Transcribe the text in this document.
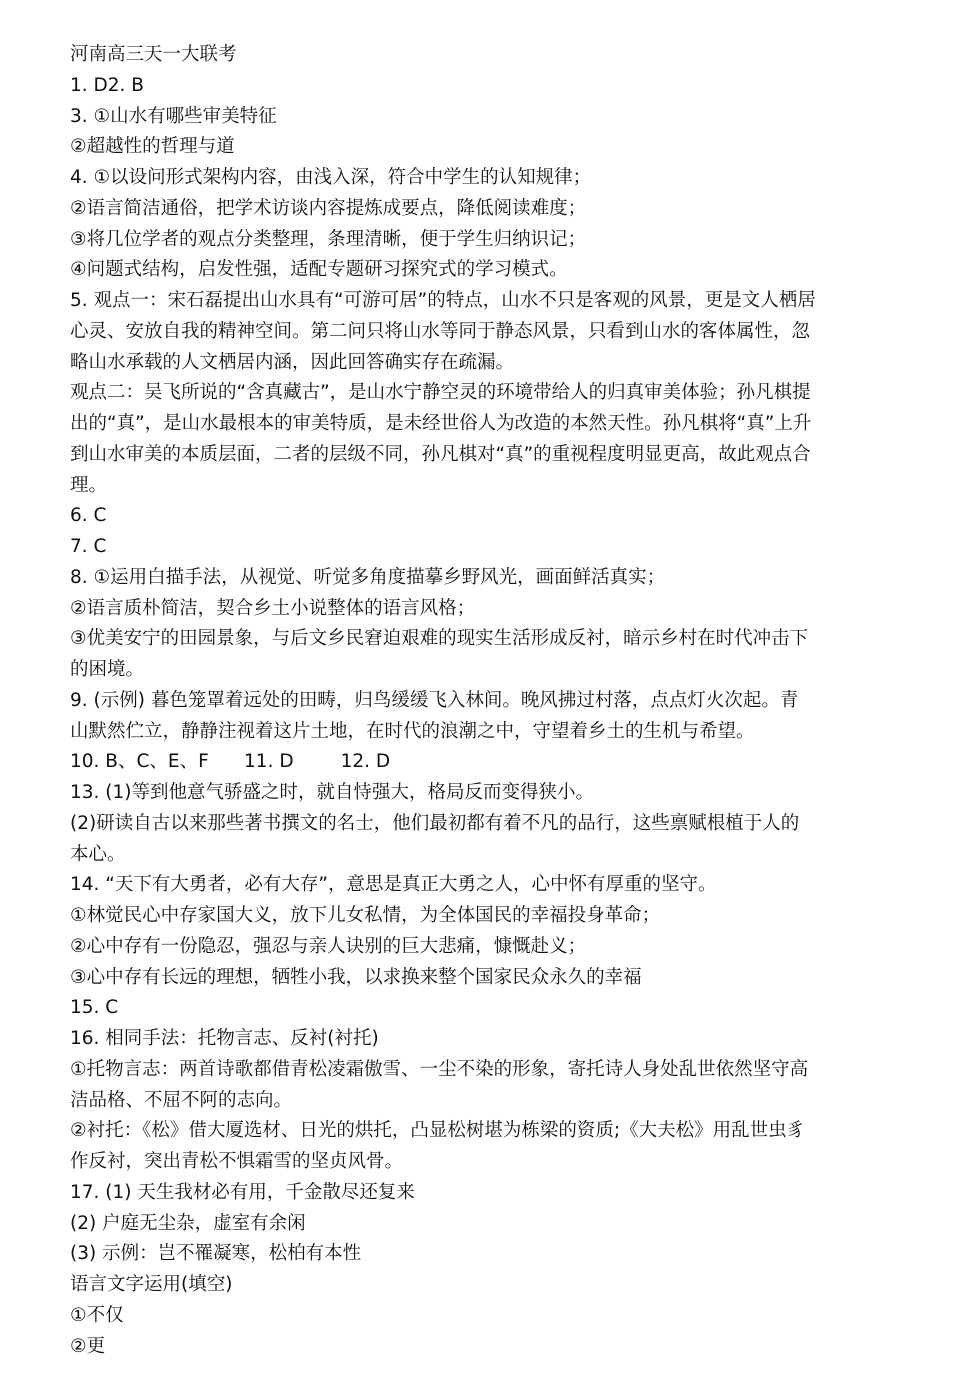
河南高三天一大联考
1. D2. B
3. ①山水有哪些审美特征
②超越性的哲理与道
4. ①以设问形式架构内容，由浅入深，符合中学生的认知规律；
②语言简洁通俗，把学术访谈内容提炼成要点，降低阅读难度；
③将几位学者的观点分类整理，条理清晰，便于学生归纳识记；
④问题式结构，启发性强，适配专题研习探究式的学习模式。
5. 观点一：宋石磊提出山水具有“可游可居”的特点，山水不只是客观的风景，更是文人栖居
心灵、安放自我的精神空间。第二问只将山水等同于静态风景，只看到山水的客体属性，忽
略山水承载的人文栖居内涵，因此回答确实存在疏漏。
观点二：吴飞所说的“含真藏古”，是山水宁静空灵的环境带给人的归真审美体验；孙凡棋提
出的“真”，是山水最根本的审美特质，是未经世俗人为改造的本然天性。孙凡棋将“真”上升
到山水审美的本质层面，二者的层级不同，孙凡棋对“真”的重视程度明显更高，故此观点合
理。
6. C
7. C
8. ①运用白描手法，从视觉、听觉多角度描摹乡野风光，画面鲜活真实；
②语言质朴简洁，契合乡土小说整体的语言风格；
③优美安宁的田园景象，与后文乡民窘迫艰难的现实生活形成反衬，暗示乡村在时代冲击下
的困境。
9. (示例) 暮色笼罩着远处的田畴，归鸟缓缓飞入林间。晚风拂过村落，点点灯火次起。青
山默然伫立，静静注视着这片土地，在时代的浪潮之中，守望着乡土的生机与希望。
10. B、C、E、F      11. D        12. D
13. (1)等到他意气骄盛之时，就自恃强大，格局反而变得狭小。
(2)研读自古以来那些著书撰文的名士，他们最初都有着不凡的品行，这些禀赋根植于人的
本心。
14. “天下有大勇者，必有大存”，意思是真正大勇之人，心中怀有厚重的坚守。
①林觉民心中存家国大义，放下儿女私情，为全体国民的幸福投身革命；
②心中存有一份隐忍，强忍与亲人诀别的巨大悲痛，慷慨赴义；
③心中存有长远的理想，牺牲小我，以求换来整个国家民众永久的幸福
15. C
16. 相同手法：托物言志、反衬(衬托)
①托物言志：两首诗歌都借青松凌霜傲雪、一尘不染的形象，寄托诗人身处乱世依然坚守高
洁品格、不屈不阿的志向。
②衬托：《松》借大厦选材、日光的烘托，凸显松树堪为栋梁的资质;《大夫松》用乱世虫豸
作反衬，突出青松不惧霜雪的坚贞风骨。
17. (1) 天生我材必有用，千金散尽还复来
(2) 户庭无尘杂，虚室有余闲
(3) 示例：岂不罹凝寒，松柏有本性
语言文字运用(填空)
①不仅
②更
